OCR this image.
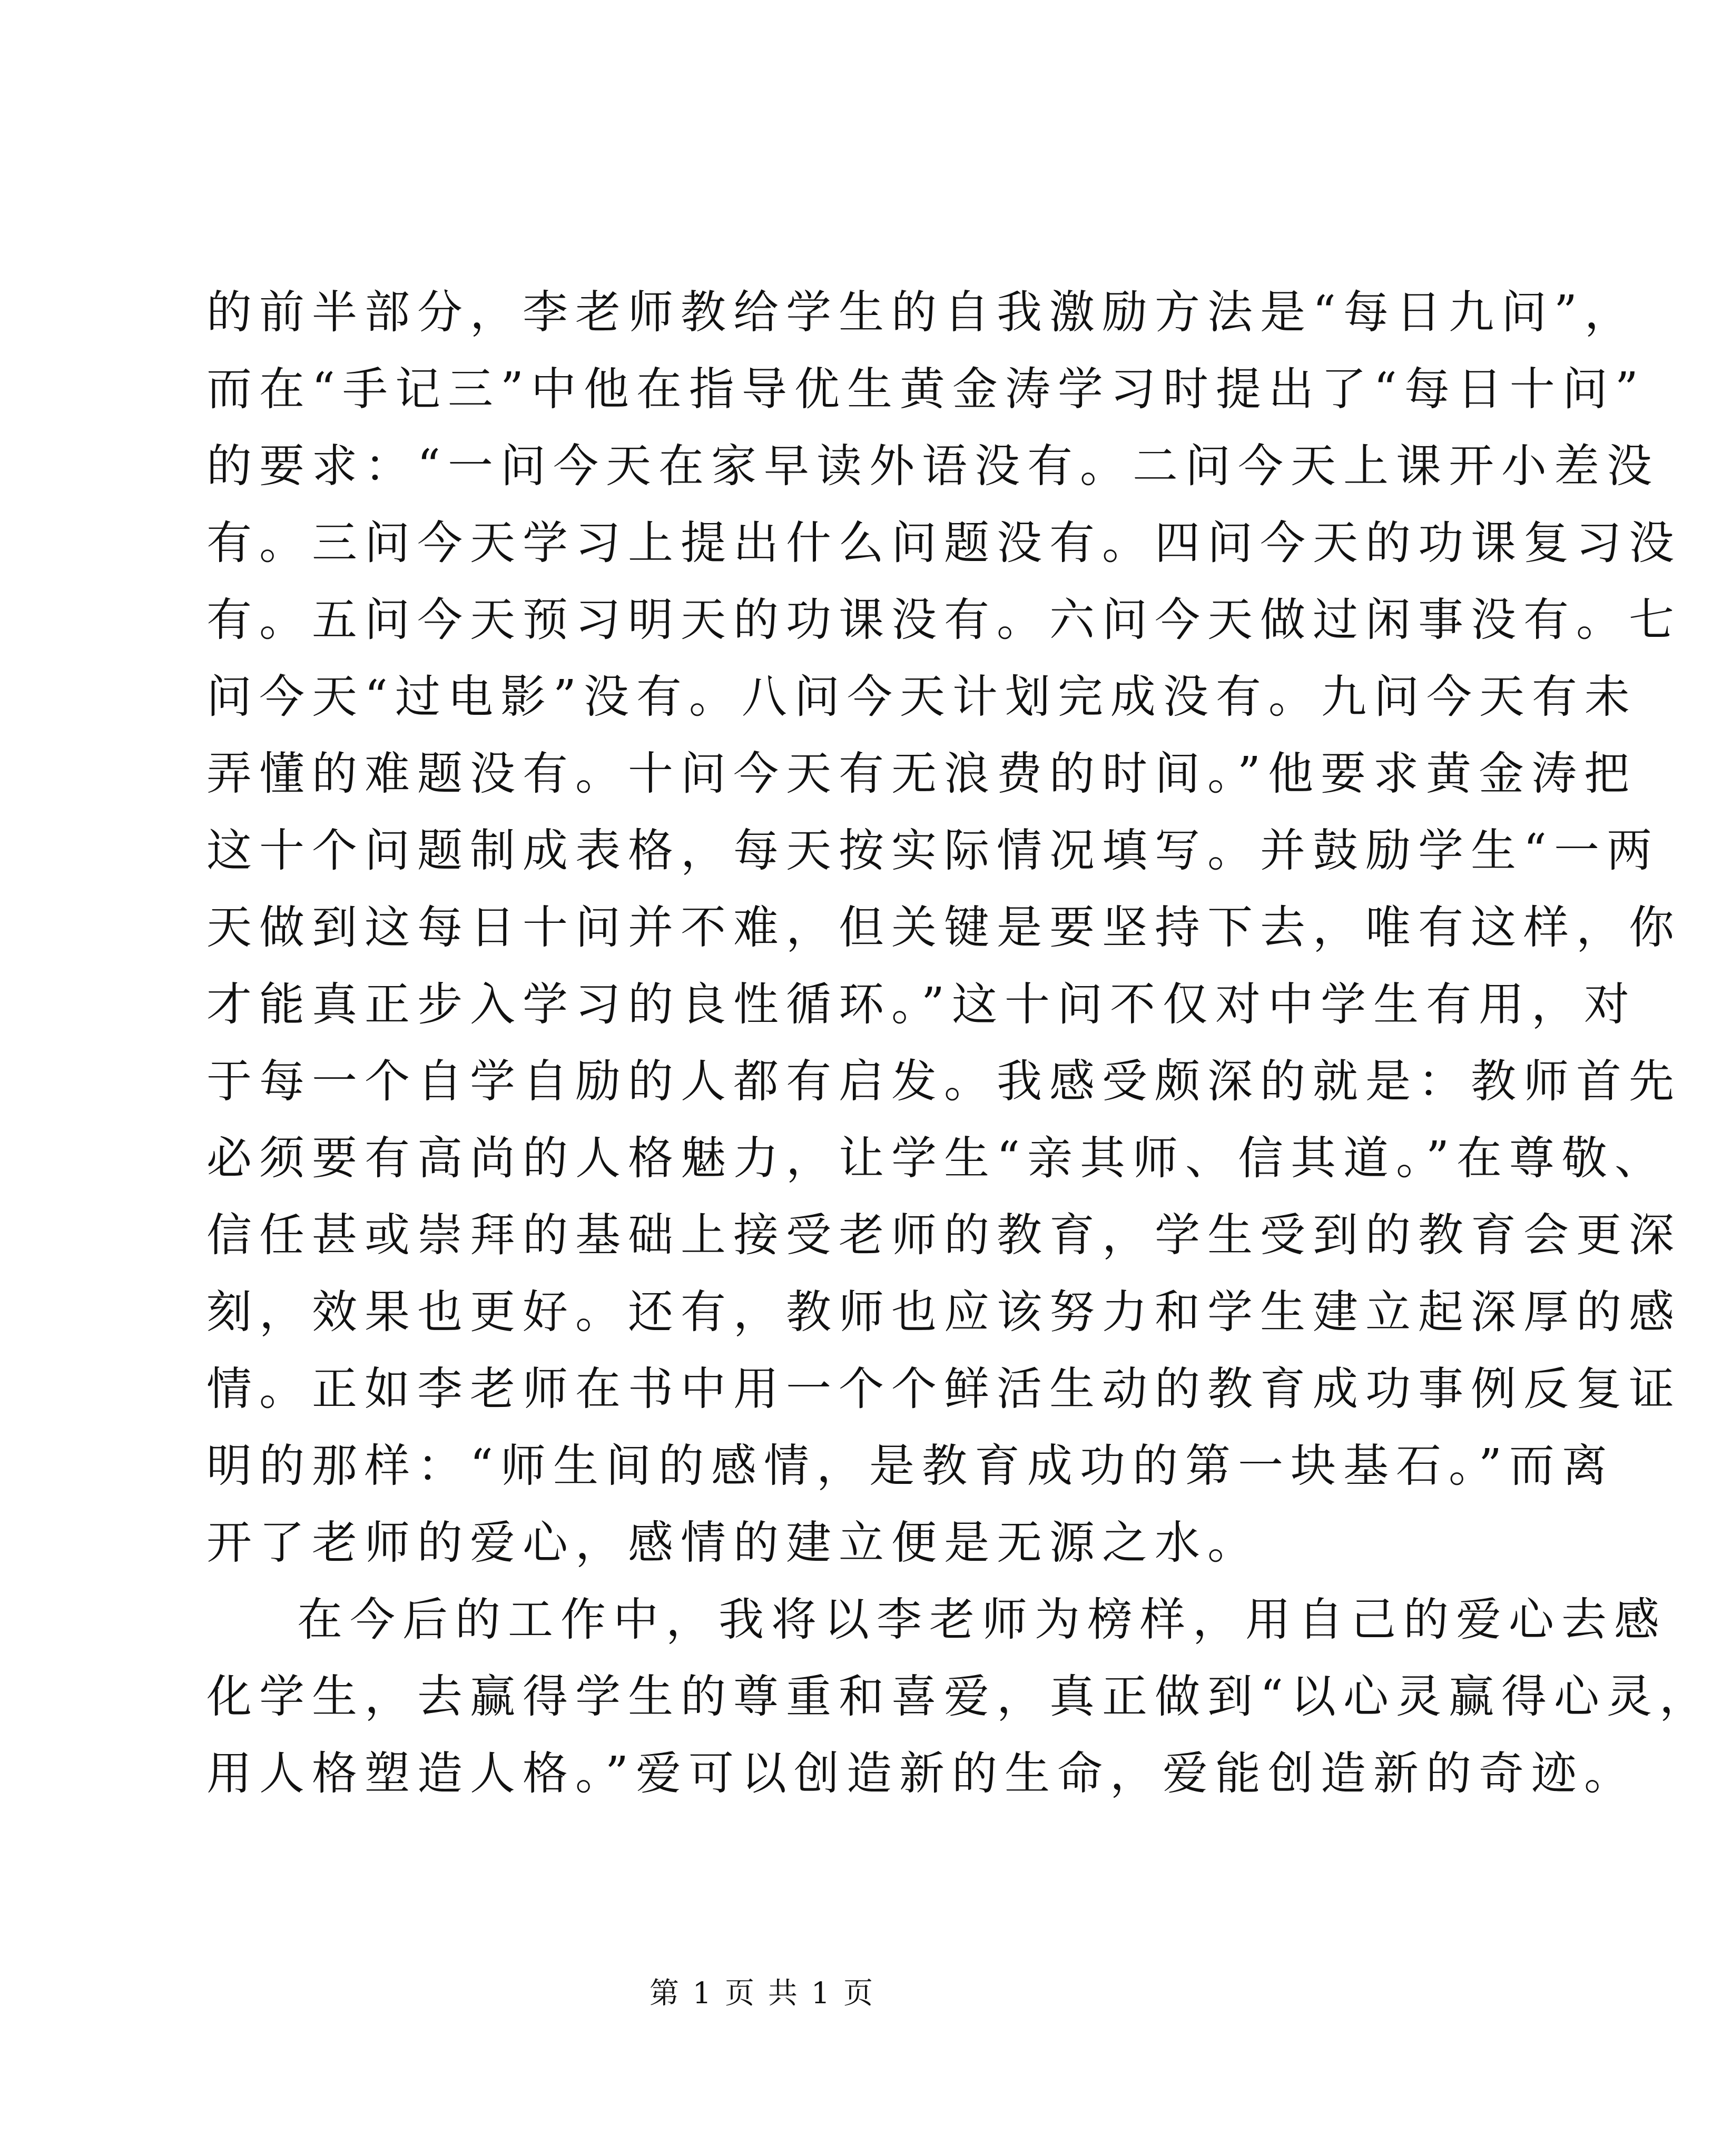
的前半部分，李老师教给学生的自我激励方法是“每日九问”，
而在“手记三”中他在指导优生黄金涛学习时提出了“每日十问”
的要求：“一问今天在家早读外语没有。二问今天上课开小差没
有。三问今天学习上提出什么问题没有。四问今天的功课复习没
有。五问今天预习明天的功课没有。六问今天做过闲事没有。七
问今天“过电影”没有。八问今天计划完成没有。九问今天有未
弄懂的难题没有。十问今天有无浪费的时间。”他要求黄金涛把
这十个问题制成表格，每天按实际情况填写。并鼓励学生“一两
天做到这每日十问并不难，但关键是要坚持下去，唯有这样，你
才能真正步入学习的良性循环。”这十问不仅对中学生有用，对
于每一个自学自励的人都有启发。我感受颇深的就是：教师首先
必须要有高尚的人格魅力，让学生“亲其师、信其道。”在尊敬、
信任甚或崇拜的基础上接受老师的教育，学生受到的教育会更深
刻，效果也更好。还有，教师也应该努力和学生建立起深厚的感
情。正如李老师在书中用一个个鲜活生动的教育成功事例反复证
明的那样：“师生间的感情，是教育成功的第一块基石。”而离
开了老师的爱心，感情的建立便是无源之水。
在今后的工作中，我将以李老师为榜样，用自己的爱心去感
化学生，去赢得学生的尊重和喜爱，真正做到“以心灵赢得心灵，
用人格塑造人格。”爱可以创造新的生命，爱能创造新的奇迹。
第 1 页 共 1 页
